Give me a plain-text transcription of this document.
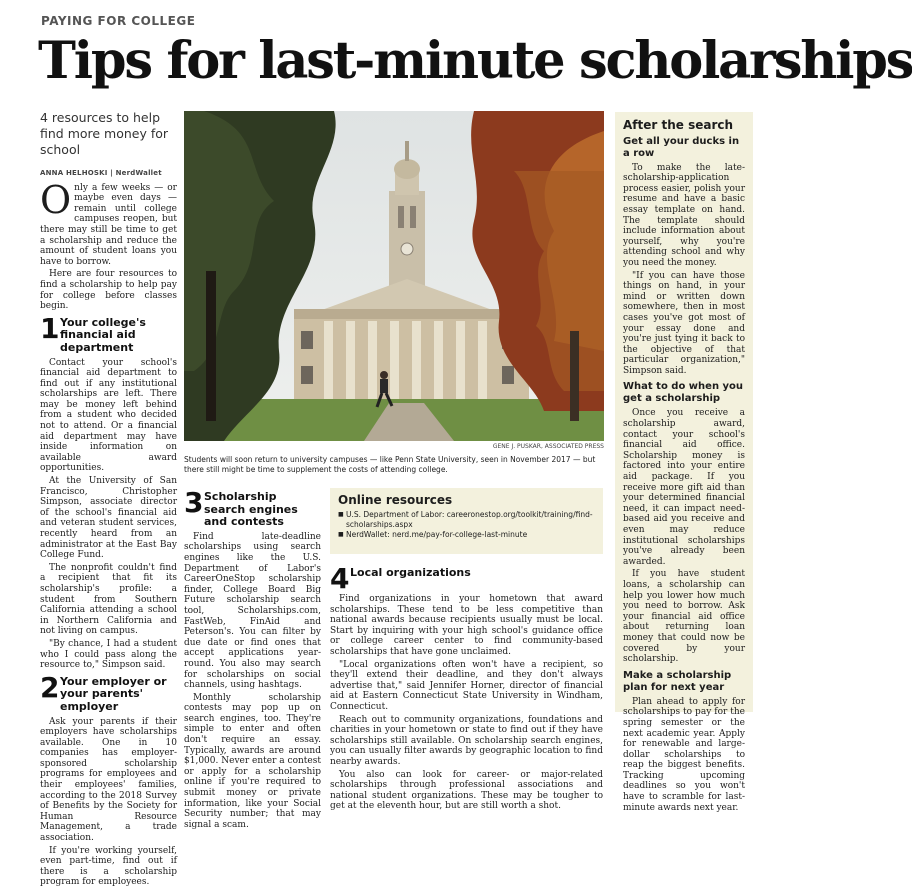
PAYING FOR COLLEGE
Tips for last-minute scholarships
4 resources to help find more money for school
ANNA HELHOSKI | NerdWallet

Only a few weeks — or maybe even days — remain until college campuses reopen, but there may still be time to get a scholarship and reduce the amount of student loans you have to borrow.

Here are four resources to find a scholarship to help pay for college before classes begin.

1 Your college's financial aid department

Contact your school's financial aid department to find out if any institutional scholarships are left. There may be money left behind from a student who decided not to attend. Or a financial aid department may have inside information on available award opportunities.

At the University of San Francisco, Christopher Simpson, associate director of the school's financial aid and veteran student services, recently heard from an administrator at the East Bay College Fund.

The nonprofit couldn't find a recipient that fit its scholarship's profile: a student from Southern California attending a school in Northern California and not living on campus.

"By chance, I had a student who I could pass along the resource to," Simpson said.

2 Your employer or your parents' employer

Ask your parents if their employers have scholarships available. One in 10 companies has employer-sponsored scholarship programs for employees and their employees' families, according to the 2018 Survey of Benefits by the Society for Human Resource Management, a trade association.

If you're working yourself, even part-time, find out if there is a scholarship program for employees.

GENE J. PUSKAR, ASSOCIATED PRESS
Students will soon return to university campuses — like Penn State University, seen in November 2017 — but there still might be time to supplement the costs of attending college.
3 Scholarship search engines and contests

Find late-deadline scholarships using search engines like the U.S. Department of Labor's CareerOneStop scholarship finder, College Board Big Future scholarship search tool, Scholarships.com, FastWeb, FinAid and Peterson's. You can filter by due date or find ones that accept applications year-round. You also may search for scholarships on social channels, using hashtags.

Monthly scholarship contests may pop up on search engines, too. They're simple to enter and often don't require an essay. Typically, awards are around $1,000. Never enter a contest or apply for a scholarship online if you're required to submit money or private information, like your Social Security number; that may signal a scam.

Online resources
■ U.S. Department of Labor: careeronestop.org/toolkit/training/find-scholarships.aspx
■ NerdWallet: nerd.me/pay-for-college-last-minute
4 Local organizations

Find organizations in your hometown that award scholarships. These tend to be less competitive than national awards because recipients usually must be local. Start by inquiring with your high school's guidance office or college career center to find community-based scholarships that have gone unclaimed.

"Local organizations often won't have a recipient, so they'll extend their deadline, and they don't always advertise that," said Jennifer Horner, director of financial aid at Eastern Connecticut State University in Windham, Connecticut.

Reach out to community organizations, foundations and charities in your hometown or state to find out if they have scholarships still available. On scholarship search engines, you can usually filter awards by geographic location to find nearby awards.

You also can look for career- or major-related scholarships through professional associations and national student organizations. These may be tougher to get at the eleventh hour, but are still worth a shot.

After the search
Get all your ducks in a row

To make the late-scholarship-application process easier, polish your resume and have a basic essay template on hand. The template should include information about yourself, why you're attending school and why you need the money.

"If you can have those things on hand, in your mind or written down somewhere, then in most cases you've got most of your essay done and you're just tying it back to the objective of that particular organization," Simpson said.

What to do when you get a scholarship

Once you receive a scholarship award, contact your school's financial aid office. Scholarship money is factored into your entire aid package. If you receive more gift aid than your determined financial need, it can impact need-based aid you receive and even may reduce institutional scholarships you've already been awarded.

If you have student loans, a scholarship can help you lower how much you need to borrow. Ask your financial aid office about returning loan money that could now be covered by your scholarship.

Make a scholarship plan for next year

Plan ahead to apply for scholarships to pay for the spring semester or the next academic year. Apply for renewable and large-dollar scholarships to reap the biggest benefits. Tracking upcoming deadlines so you won't have to scramble for last-minute awards next year.
